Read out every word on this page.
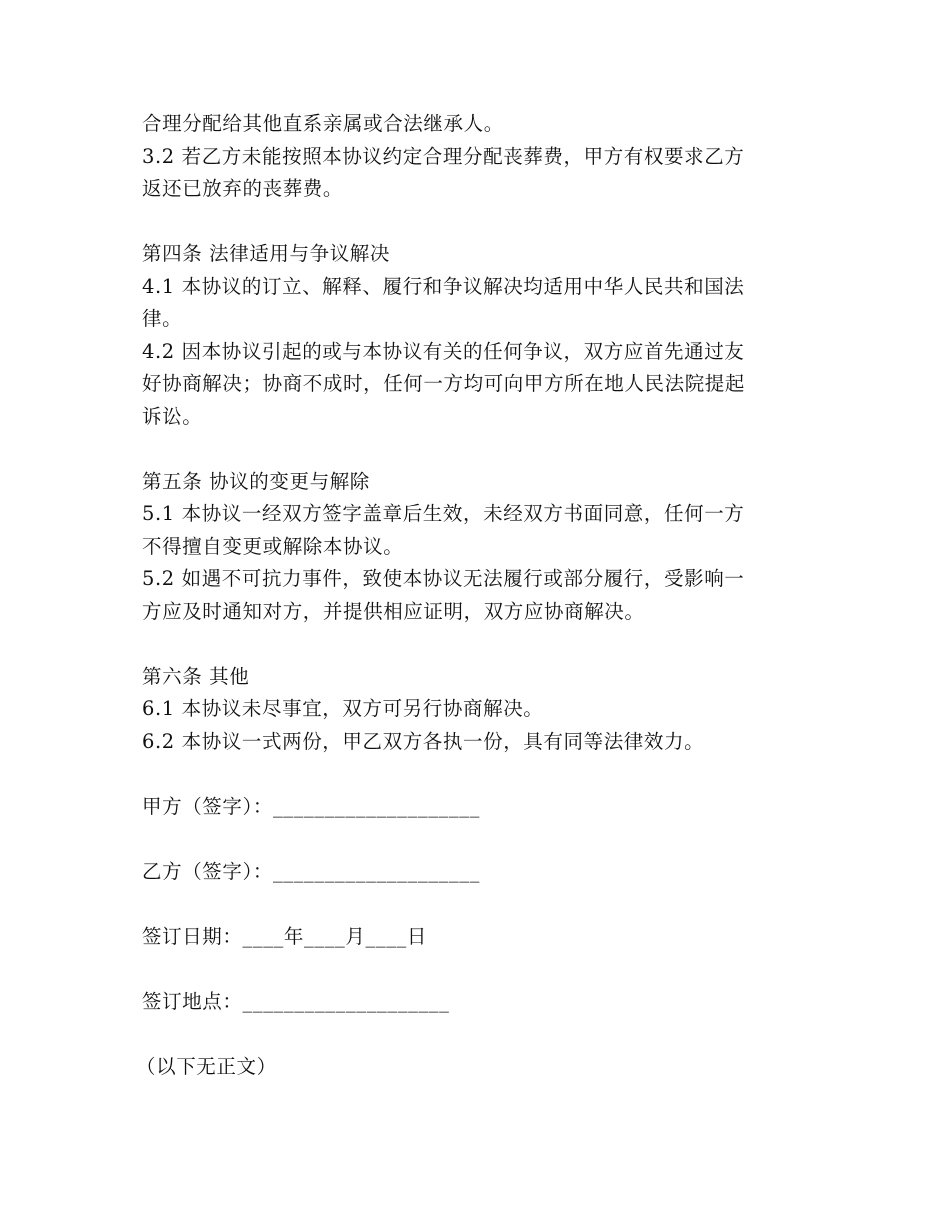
合理分配给其他直系亲属或合法继承人。
3.2 若乙方未能按照本协议约定合理分配丧葬费，甲方有权要求乙方
返还已放弃的丧葬费。
第四条 法律适用与争议解决
4.1 本协议的订立、解释、履行和争议解决均适用中华人民共和国法
律。
4.2 因本协议引起的或与本协议有关的任何争议，双方应首先通过友
好协商解决；协商不成时，任何一方均可向甲方所在地人民法院提起
诉讼。
第五条 协议的变更与解除
5.1 本协议一经双方签字盖章后生效，未经双方书面同意，任何一方
不得擅自变更或解除本协议。
5.2 如遇不可抗力事件，致使本协议无法履行或部分履行，受影响一
方应及时通知对方，并提供相应证明，双方应协商解决。
第六条 其他
6.1 本协议未尽事宜，双方可另行协商解决。
6.2 本协议一式两份，甲乙双方各执一份，具有同等法律效力。
甲方（签字）：____________________
乙方（签字）：____________________
签订日期：____年____月____日
签订地点：____________________
（以下无正文）
